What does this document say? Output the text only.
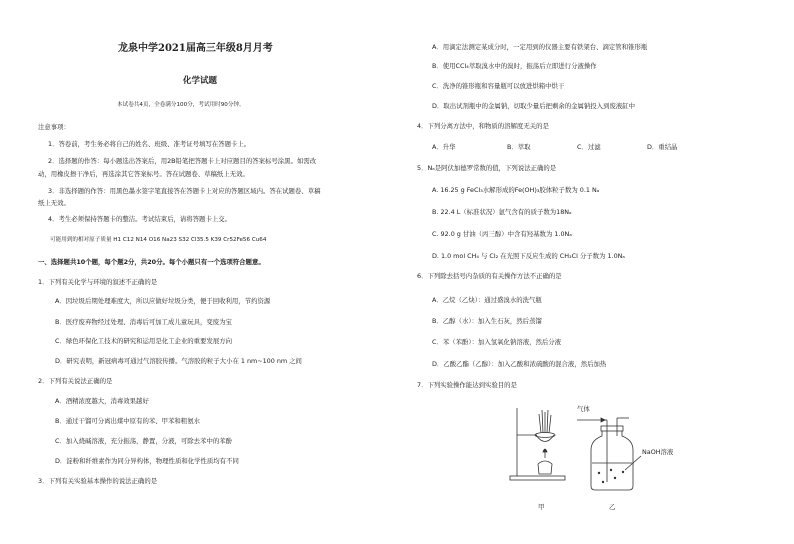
龙泉中学2021届高三年级8月月考
化学试题
本试卷共4页，全卷满分100分，考试用时90分钟。
注意事项：
1．答卷前，考生务必将自己的姓名、班级、准考证号填写在答题卡上。
2．选择题的作答：每小题选出答案后，用2B铅笔把答题卡上对应题目的答案标号涂黑。如需改
动，用橡皮擦干净后，再选涂其它答案标号。答在试题卷、草稿纸上无效。
3．非选择题的作答：用黑色墨水签字笔直接答在答题卡上对应的答题区域内。答在试题卷、草稿
纸上无效。
4．考生必须保持答题卡的整洁。考试结束后，请将答题卡上交。
可能用到的相对原子质量 H1 C12 N14 O16 Na23 S32 Cl35.5 K39 Cr52Fe56 Cu64
一、选择题共10个题，每个题2分，共20分。每个小题只有一个选项符合题意。
1．下列有关化学与环境的叙述不正确的是
A．因垃圾后期处理难度大，所以应做好垃圾分类，便于回收利用，节约资源
B．医疗废弃物经过处理、消毒后可加工成儿童玩具，变废为宝
C．绿色环保化工技术的研究和运用是化工企业的重要发展方向
D．研究表明，新冠病毒可通过气溶胶传播。气溶胶的粒子大小在 1 nm~100 nm 之间
2．下列有关说法正确的是
A．酒精浓度越大，消毒效果越好
B．通过干馏可分离出煤中原有的苯、甲苯和粗氨水
C．加入烧碱溶液，充分振荡，静置，分液，可除去苯中的苯酚
D．淀粉和纤维素作为同分异构体，物理性质和化学性质均有不同
3．下列有关实验基本操作的说法正确的是
A．用滴定法测定某成分时，一定用到的仪器主要有铁架台、滴定管和锥形瓶
B．使用CCl₄萃取溴水中的溴时，振荡后立即进行分液操作
C．洗净的锥形瓶和容量瓶可以放进烘箱中烘干
D．取出试剂瓶中的金属钠，切取少量后把剩余的金属钠投入到废液缸中
4．下列分离方法中，和物质的溶解度无关的是
A．升华	B．萃取	C．过滤	D．重结晶
5．Nₐ是阿伏加德罗常数的值，下列说法正确的是
A. 16.25 g FeCl₃水解形成的Fe(OH)₃胶体粒子数为 0.1 Nₐ
B. 22.4 L（标准状况）氩气含有的质子数为18Nₐ
C. 92.0 g 甘油（丙三醇）中含有羟基数为 1.0Nₐ
D. 1.0 mol CH₄ 与 Cl₂ 在光照下反应生成的 CH₃Cl 分子数为 1.0Nₐ
6．下列除去括号内杂质的有关操作方法不正确的是
A．乙烷（乙炔）：通过盛溴水的洗气瓶
B．乙醇（水）：加入生石灰，然后蒸馏
C．苯（苯酚）：加入氢氧化钠溶液，然后分液
D．乙酸乙酯（乙醇）：加入乙酸和浓硫酸的混合液，然后加热
7．下列实验操作能达到实验目的是
甲
气体
NaOH溶液
乙
